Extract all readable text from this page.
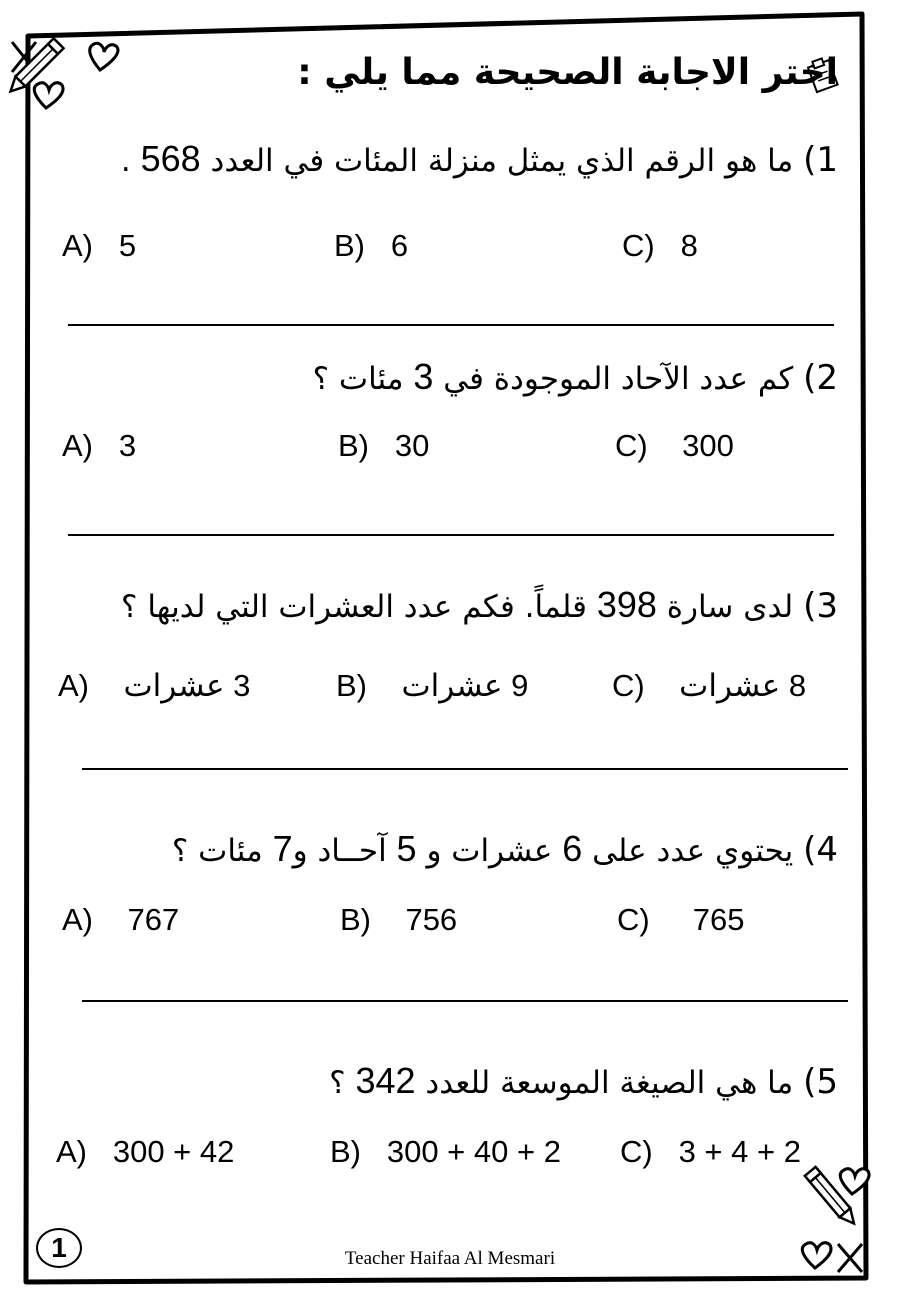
اختر الاجابة الصحيحة مما يلي :
1) ما هو الرقم الذي يمثل منزلة المئات في العدد 568 .
A) 5	B) 6	C) 8
2) كم عدد الآحاد الموجودة في 3 مئات ؟
A) 3	B) 30	C) 300
3) لدى سارة 398 قلماً. فكم عدد العشرات التي لديها ؟
A)	3 عشرات	B)	9 عشرات	C)	8 عشرات
4) يحتوي عدد على 6 عشرات و 5 آحــاد و7 مئات ؟
A) 767	B) 756	C) 765
5) ما هي الصيغة الموسعة للعدد 342 ؟
A) 300 + 42	B) 300 + 40 + 2 C) 3 + 4 + 2
1	Teacher Haifaa Al Mesmari
